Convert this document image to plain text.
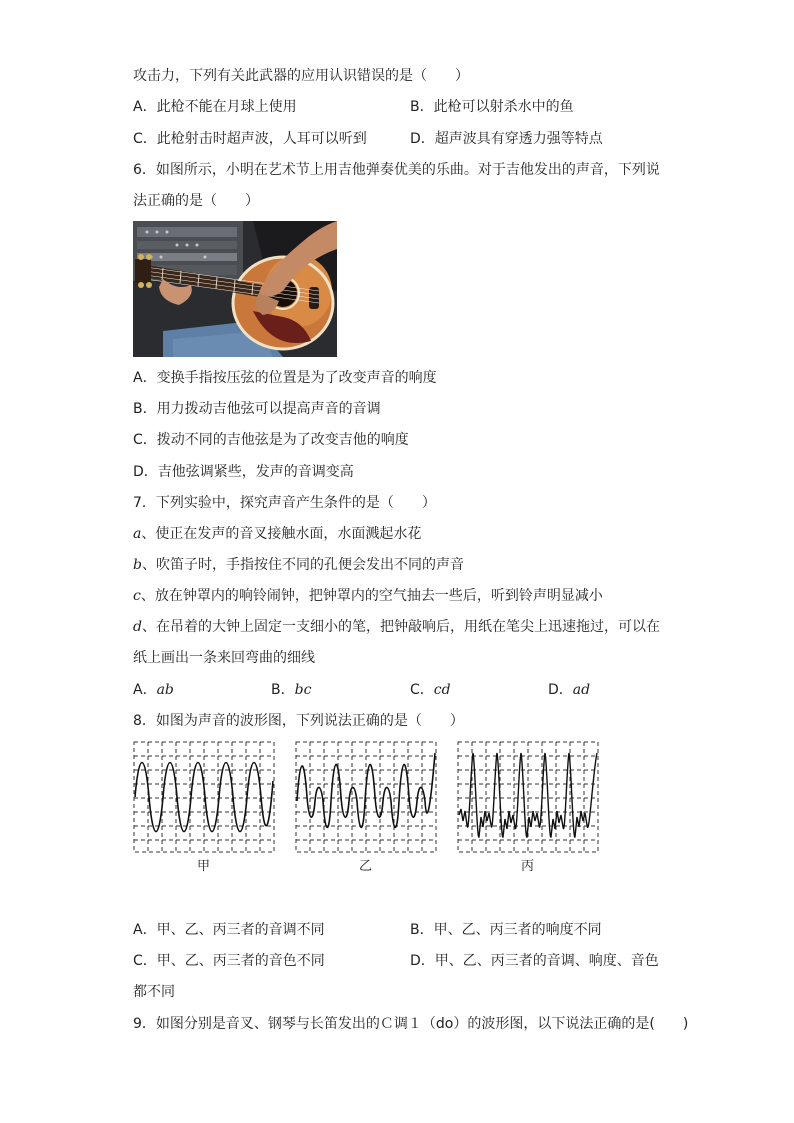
攻击力，下列有关此武器的应用认识错误的是（　　）
A．此枪不能在月球上使用	B．此枪可以射杀水中的鱼
C．此枪射击时超声波，人耳可以听到	D．超声波具有穿透力强等特点
6．如图所示，小明在艺术节上用吉他弹奏优美的乐曲。对于吉他发出的声音，下列说
法正确的是（　　）
A．变换手指按压弦的位置是为了改变声音的响度
B．用力拨动吉他弦可以提高声音的音调
C．拨动不同的吉他弦是为了改变吉他的响度
D．吉他弦调紧些，发声的音调变高
7．下列实验中，探究声音产生条件的是（　　）
a、使正在发声的音叉接触水面，水面溅起水花
b、吹笛子时，手指按住不同的孔便会发出不同的声音
c、放在钟罩内的响铃闹钟，把钟罩内的空气抽去一些后，听到铃声明显减小
d、在吊着的大钟上固定一支细小的笔，把钟敲响后，用纸在笔尖上迅速拖过，可以在
纸上画出一条来回弯曲的细线
A．ab	B．bc	C．cd	D．ad
8．如图为声音的波形图，下列说法正确的是（　　）
甲	乙	丙
A．甲、乙、丙三者的音调不同	B．甲、乙、丙三者的响度不同
C．甲、乙、丙三者的音色不同	D．甲、乙、丙三者的音调、响度、音色
都不同
9．如图分别是音叉、钢琴与长笛发出的Ｃ调１（do）的波形图，以下说法正确的是(　　)
